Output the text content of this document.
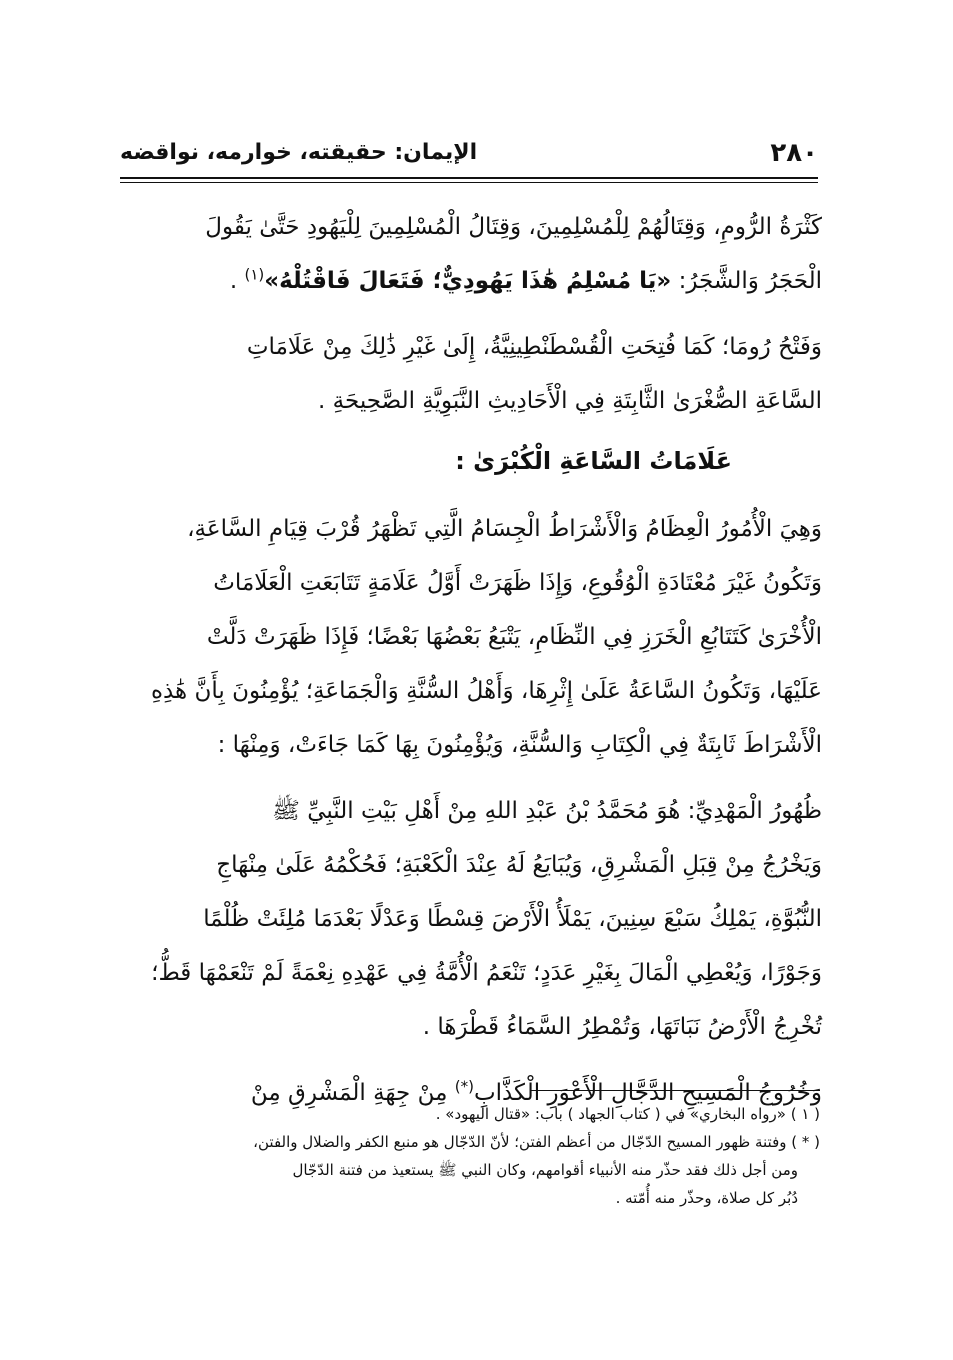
٢٨٠
الإيمان: حقيقته، خوارمه، نواقضه

كَثْرَةُ الرُّومِ، وَقِتَالُهُمْ لِلْمُسْلِمِينَ، وَقِتَالُ الْمُسْلِمِينَ لِلْيَهُودِ حَتَّىٰ يَقُولَ

الْحَجَرُ وَالشَّجَرُ: «يَا مُسْلِمُ هَٰذَا يَهُودِيٌّ؛ فَتَعَالَ فَاقْتُلْهُ»$^{(١)}$ .

وَفَتْحُ رُومَا؛ كَمَا فُتِحَتِ الْقُسْطَنْطِينِيَّةُ، إِلَىٰ غَيْرِ ذَٰلِكَ مِنْ عَلَامَاتِ

السَّاعَةِ الصُّغْرَىٰ الثَّابِتَةِ فِي الْأَحَادِيثِ النَّبَوِيَّةِ الصَّحِيحَةِ .

عَلَامَاتُ السَّاعَةِ الْكُبْرَىٰ :

وَهِيَ الْأُمُورُ الْعِظَامُ وَالْأَشْرَاطُ الْجِسَامُ الَّتِي تَظْهَرُ قُرْبَ قِيَامِ السَّاعَةِ،

وَتَكُونُ غَيْرَ مُعْتَادَةِ الْوُقُوعِ، وَإِذَا ظَهَرَتْ أَوَّلُ عَلَامَةٍ تَتَابَعَتِ الْعَلَامَاتُ

الْأُخْرَىٰ كَتَتَابُعِ الْخَرَزِ فِي النِّظَامِ، يَتْبَعُ بَعْضُهَا بَعْضًا؛ فَإِذَا ظَهَرَتْ دَلَّتْ

عَلَيْهَا، وَتَكُونُ السَّاعَةُ عَلَىٰ إِثْرِهَا، وَأَهْلُ السُّنَّةِ وَالْجَمَاعَةِ؛ يُؤْمِنُونَ بِأَنَّ هَٰذِهِ

الْأَشْرَاطَ ثَابِتَةٌ فِي الْكِتَابِ وَالسُّنَّةِ، وَيُؤْمِنُونَ بِهَا كَمَا جَاءَتْ، وَمِنْهَا :

ظُهُورُ الْمَهْدِيِّ: هُوَ مُحَمَّدُ بْنُ عَبْدِ اللهِ مِنْ أَهْلِ بَيْتِ النَّبِيِّ ﷺ

وَيَخْرُجُ مِنْ قِبَلِ الْمَشْرِقِ، وَيُبَايَعُ لَهُ عِنْدَ الْكَعْبَةِ؛ فَحُكْمُهُ عَلَىٰ مِنْهَاجِ

النُّبُوَّةِ، يَمْلِكُ سَبْعَ سِنِينَ، يَمْلَأُ الْأَرْضَ قِسْطًا وَعَدْلًا بَعْدَمَا مُلِئَتْ ظُلْمًا

وَجَوْرًا، وَيُعْطِي الْمَالَ بِغَيْرِ عَدَدٍ؛ تَنْعَمُ الْأُمَّةُ فِي عَهْدِهِ نِعْمَةً لَمْ تَنْعَمْهَا قَطُّ؛

تُخْرِجُ الْأَرْضُ نَبَاتَهَا، وَتُمْطِرُ السَّمَاءُ قَطْرَهَا .

وَخُرُوجُ الْمَسِيحِ الدَّجَّالِ الْأَعْوَرِ الْكَذَّابِ(*) مِنْ جِهَةِ الْمَشْرِقِ مِنْ

( ١ ) «رواه البخاري» في ( كتاب الجهاد ) باب: «قتال اليهود» .

( * ) وفتنة ظهور المسيح الدّجّال من أعظم الفتن؛ لأنّ الدّجّال هو منبع الكفر والضلال والفتن،

ومن أجل ذلك فقد حذّر منه الأنبياء أقوامهم، وكان النبي ﷺ يستعيذ من فتنة الدّجّال

دُبُر كل صلاة، وحذّر منه أُمّته .
